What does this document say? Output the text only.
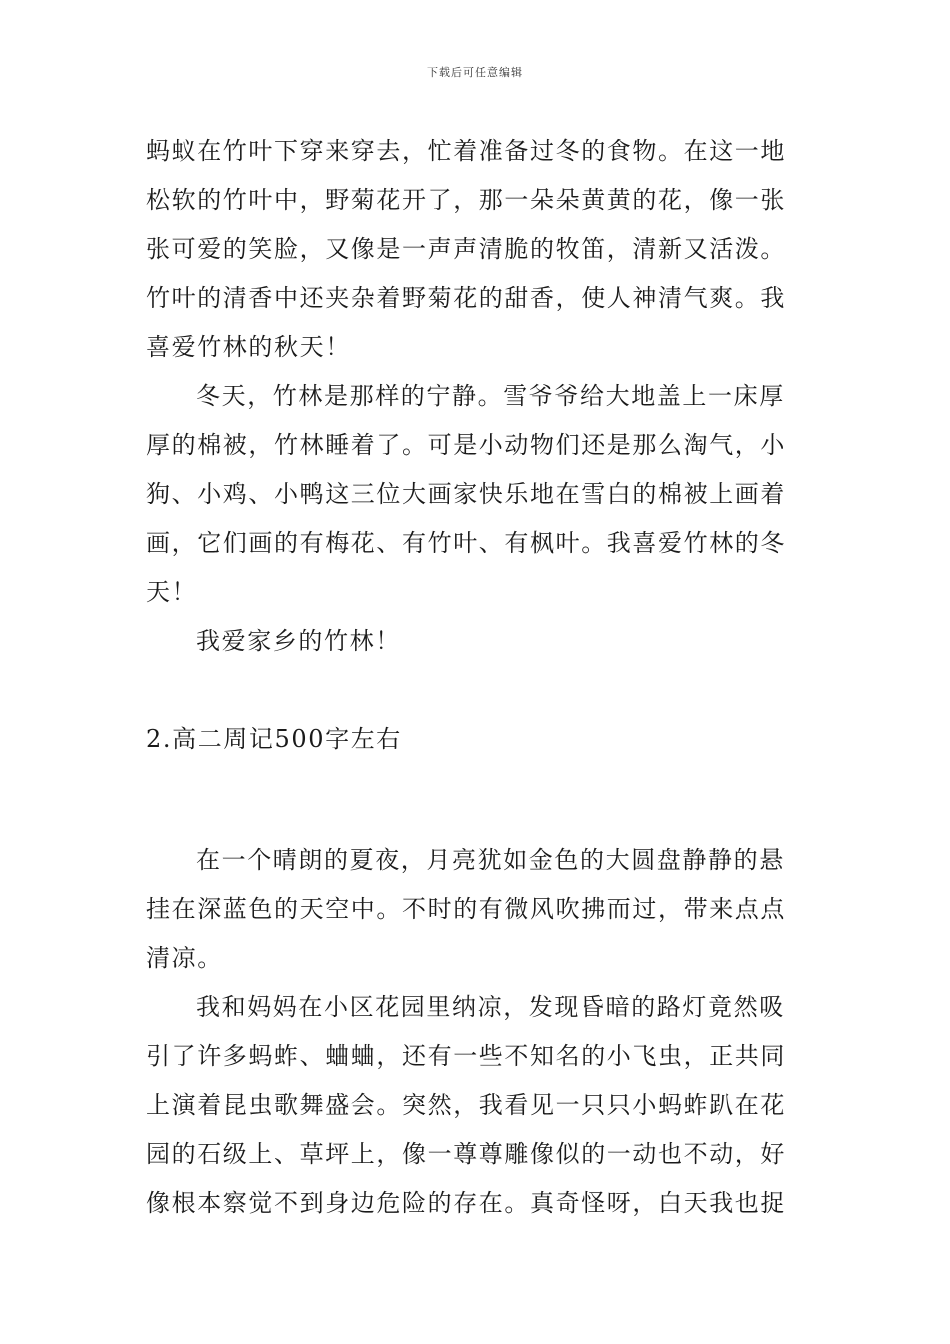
下载后可任意编辑
蚂蚁在竹叶下穿来穿去，忙着准备过冬的食物。在这一地
松软的竹叶中，野菊花开了，那一朵朵黄黄的花，像一张
张可爱的笑脸，又像是一声声清脆的牧笛，清新又活泼。
竹叶的清香中还夹杂着野菊花的甜香，使人神清气爽。我
喜爱竹林的秋天！
冬天，竹林是那样的宁静。雪爷爷给大地盖上一床厚
厚的棉被，竹林睡着了。可是小动物们还是那么淘气，小
狗、小鸡、小鸭这三位大画家快乐地在雪白的棉被上画着
画，它们画的有梅花、有竹叶、有枫叶。我喜爱竹林的冬
天！
我爱家乡的竹林！
2.高二周记500字左右
在一个晴朗的夏夜，月亮犹如金色的大圆盘静静的悬
挂在深蓝色的天空中。不时的有微风吹拂而过，带来点点
清凉。
我和妈妈在小区花园里纳凉，发现昏暗的路灯竟然吸
引了许多蚂蚱、蛐蛐，还有一些不知名的小飞虫，正共同
上演着昆虫歌舞盛会。突然，我看见一只只小蚂蚱趴在花
园的石级上、草坪上，像一尊尊雕像似的一动也不动，好
像根本察觉不到身边危险的存在。真奇怪呀，白天我也捉
